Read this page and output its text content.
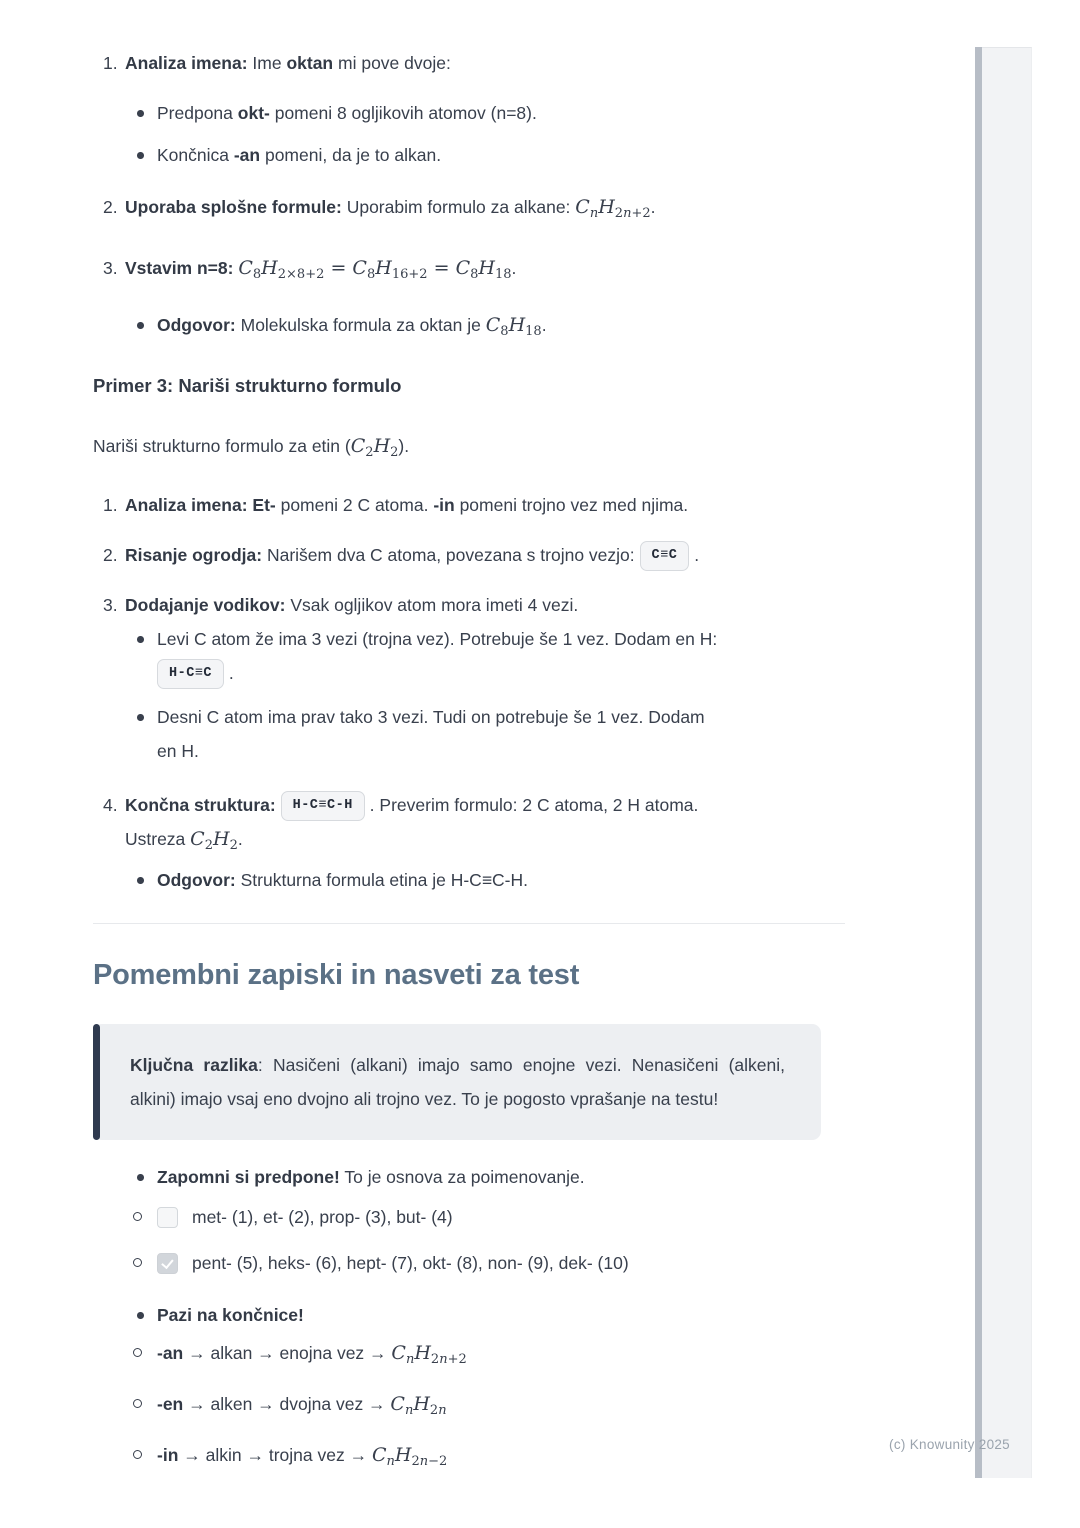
1. Analiza imena: Ime oktan mi pove dvoje:
Predpona okt- pomeni 8 ogljikovih atomov (n=8).
Končnica -an pomeni, da je to alkan.
2. Uporaba splošne formule: Uporabim formulo za alkane: $C_nH_{2n+2}$.
3. Vstavim n=8: $C_8H_{2\times 8+2} = C_8H_{16+2} = C_8H_{18}$.
Odgovor: Molekulska formula za oktan je $C_8H_{18}$.
Primer 3: Nariši strukturno formulo
Nariši strukturno formulo za etin $(C_2H_2)$.
1. Analiza imena: Et- pomeni 2 C atoma. -in pomeni trojno vez med njima.
2. Risanje ogrodja: Narišem dva C atoma, povezana s trojno vezjo: C≡C .
3. Dodajanje vodikov: Vsak ogljikov atom mora imeti 4 vezi.
Levi C atom že ima 3 vezi (trojna vez). Potrebuje še 1 vez. Dodam en H:
H-C≡C .
Desni C atom ima prav tako 3 vezi. Tudi on potrebuje še 1 vez. Dodam
en H.
4. Končna struktura: H-C≡C-H . Preverim formulo: 2 C atoma, 2 H atoma.
Ustreza $C_2H_2$.
Odgovor: Strukturna formula etina je H-C≡C-H.
Pomembni zapiski in nasveti za test
Ključna razlika: Nasičeni (alkani) imajo samo enojne vezi. Nenasičeni (alkeni, alkini) imajo vsaj eno dvojno ali trojno vez. To je pogosto vprašanje na testu!
Zapomni si predpone! To je osnova za poimenovanje.
met- (1), et- (2), prop- (3), but- (4)
pent- (5), heks- (6), hept- (7), okt- (8), non- (9), dek- (10)
Pazi na končnice!
-an → alkan → enojna vez → $C_nH_{2n+2}$
-en → alken → dvojna vez → $C_nH_{2n}$
-in → alkin → trojna vez → $C_nH_{2n-2}$
(c) Knowunity 2025
